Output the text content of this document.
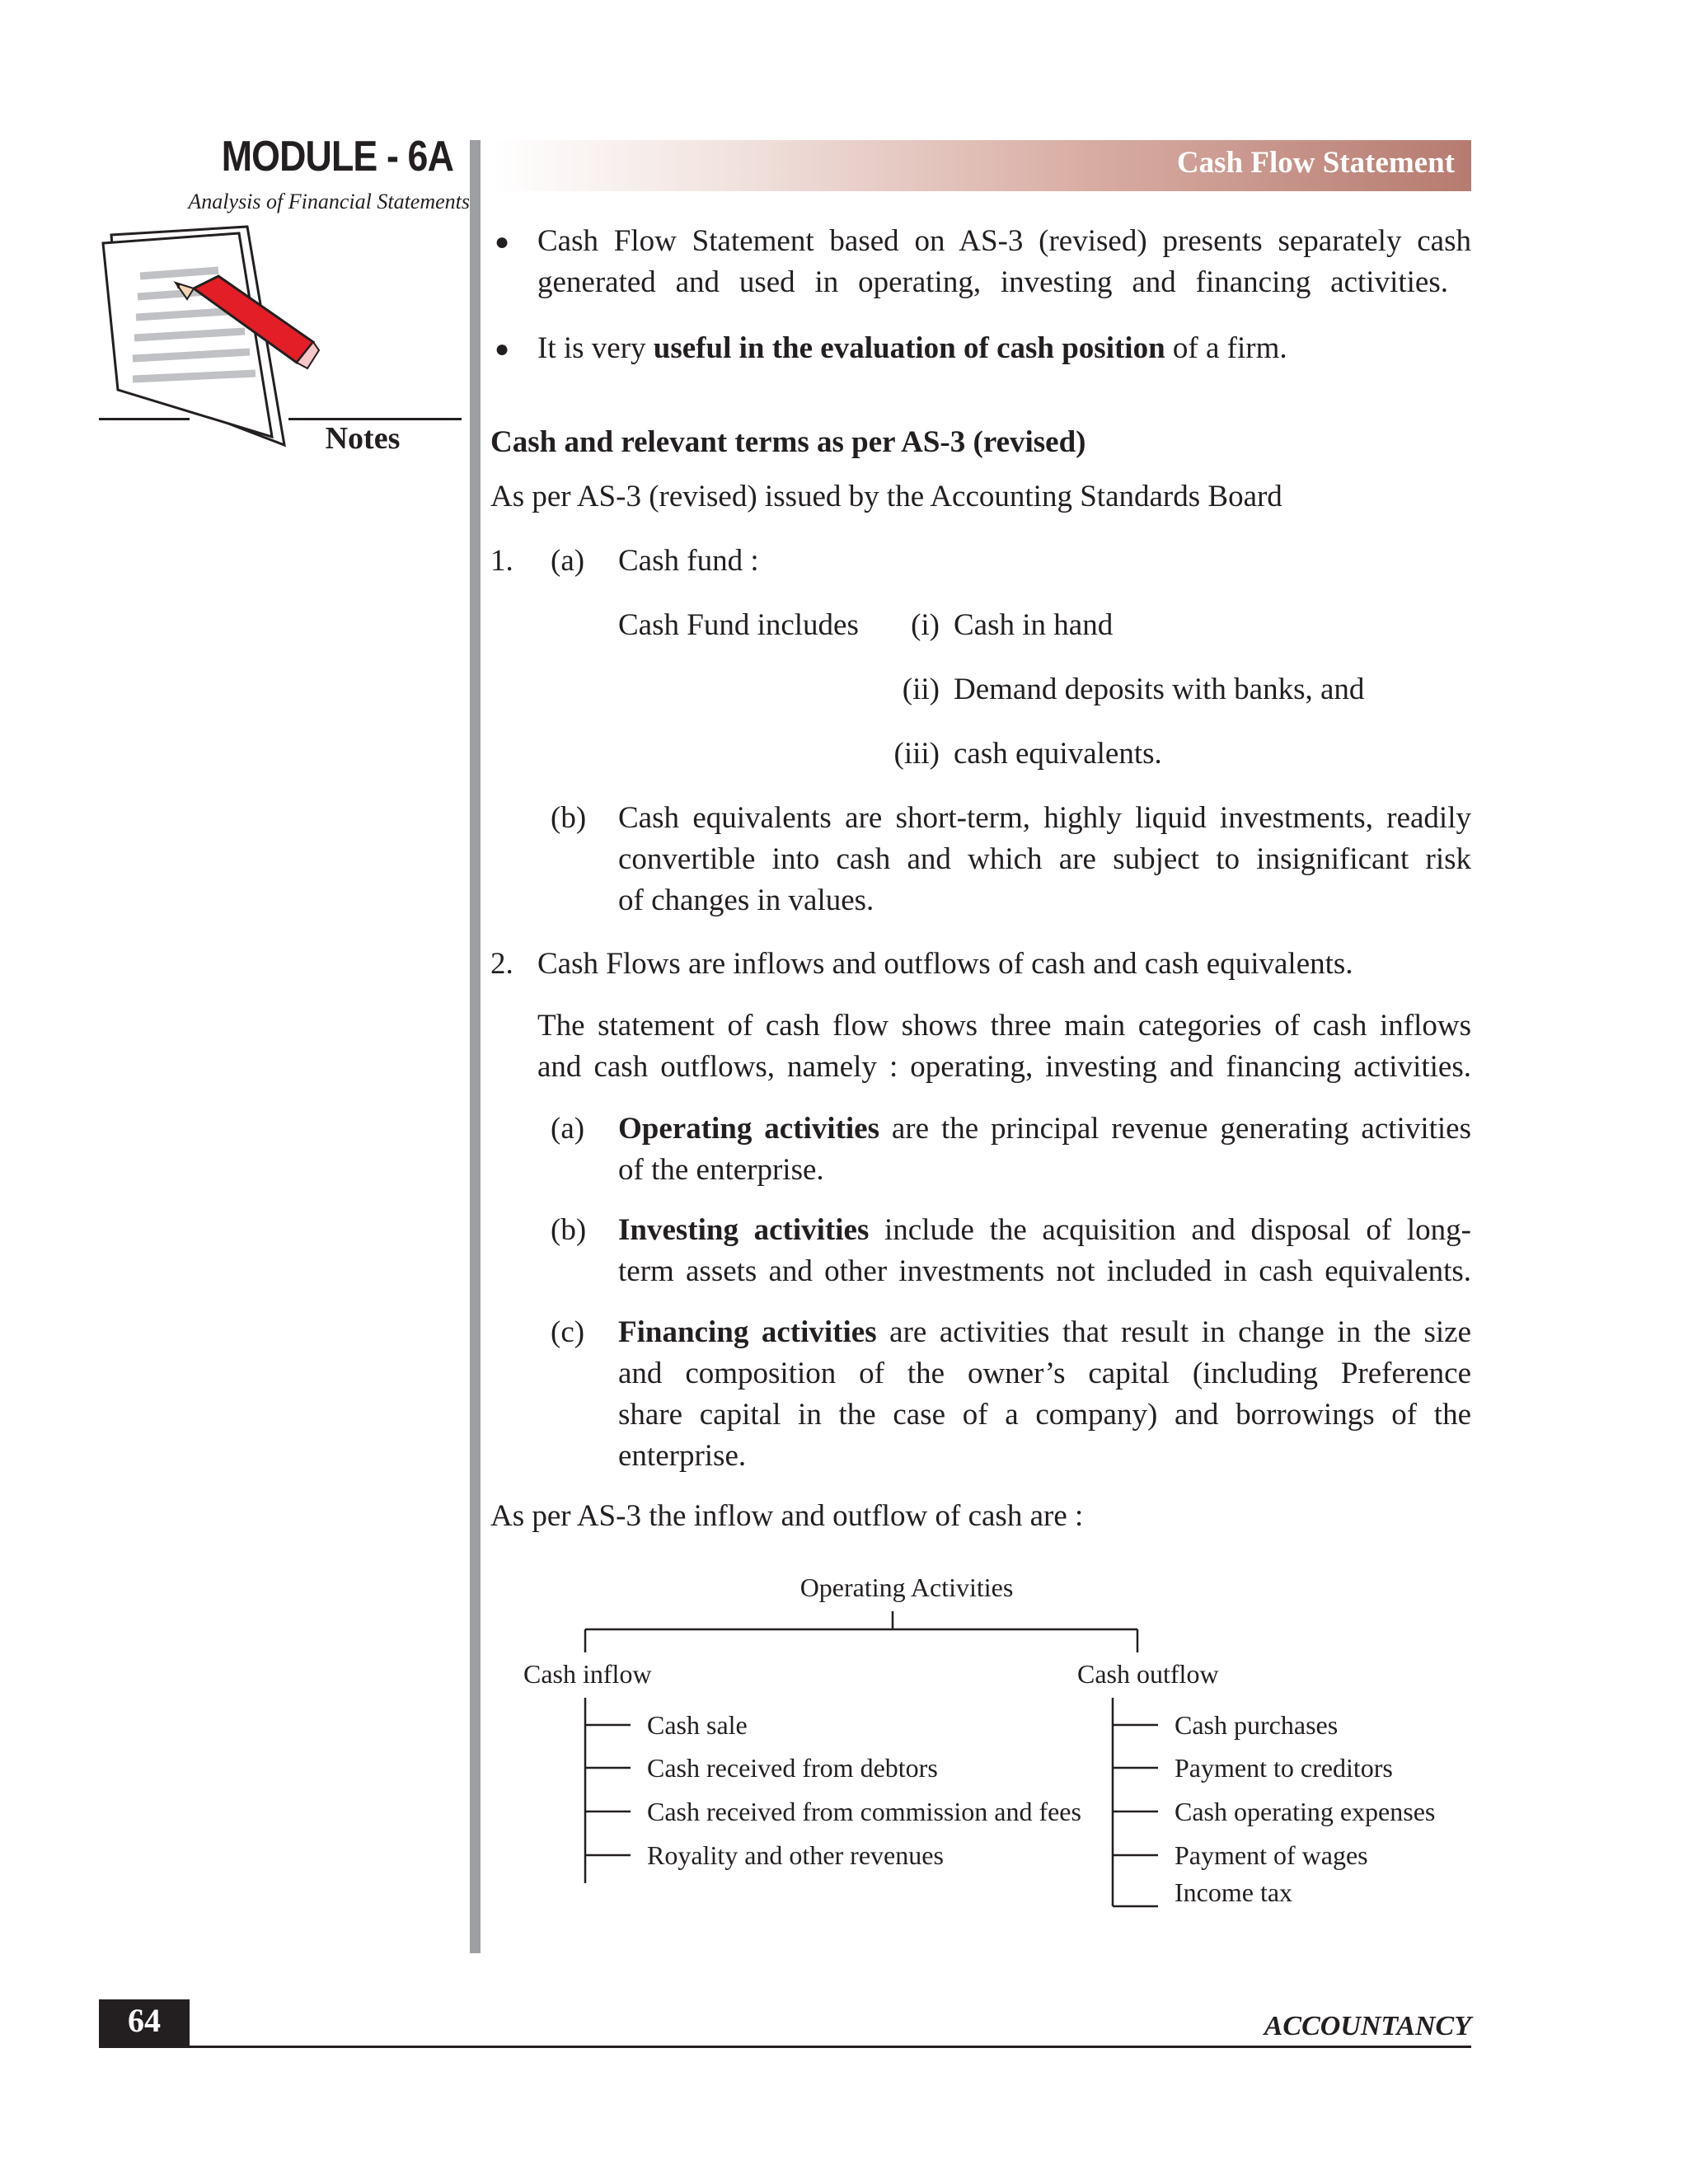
MODULE - 6A
Analysis of Financial Statements
Notes
Cash Flow Statement
● Cash Flow Statement based on AS-3 (revised) presents separately cash
generated and used in operating, investing and financing activities.
● It is very useful in the evaluation of cash position of a firm.
Cash and relevant terms as per AS-3 (revised)
As per AS-3 (revised) issued by the Accounting Standards Board
1. (a) Cash fund :
Cash Fund includes	(i) Cash in hand
(ii) Demand deposits with banks, and
(iii) cash equivalents.
(b) Cash equivalents are short-term, highly liquid investments, readily
convertible into cash and which are subject to insignificant risk
of changes in values.
2. Cash Flows are inflows and outflows of cash and cash equivalents.
The statement of cash flow shows three main categories of cash inflows
and cash outflows, namely : operating, investing and financing activities.
(a) Operating activities are the principal revenue generating activities
of the enterprise.
(b) Investing activities include the acquisition and disposal of long-
term assets and other investments not included in cash equivalents.
(c) Financing activities are activities that result in change in the size
and composition of the owner’s capital (including Preference
share capital in the case of a company) and borrowings of the
enterprise.
As per AS-3 the inflow and outflow of cash are :
Operating Activities
Cash inflow	Cash outflow
Cash sale
Cash received from debtors
Cash received from commission and fees
Royality and other revenues
Cash purchases
Payment to creditors
Cash operating expenses
Payment of wages
Income tax
64	ACCOUNTANCY
